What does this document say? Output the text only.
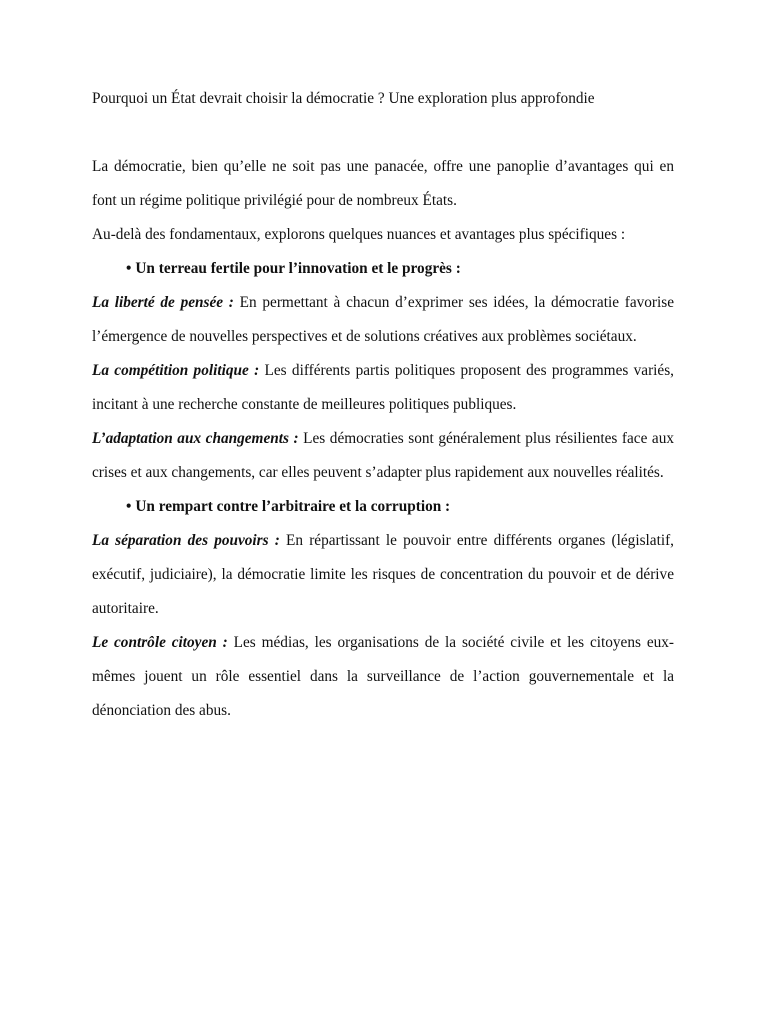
Pourquoi un État devrait choisir la démocratie ? Une exploration plus approfondie

La démocratie, bien qu’elle ne soit pas une panacée, offre une panoplie d’avantages qui en font un régime politique privilégié pour de nombreux États.

Au-delà des fondamentaux, explorons quelques nuances et avantages plus spécifiques :

• Un terreau fertile pour l’innovation et le progrès :

La liberté de pensée : En permettant à chacun d’exprimer ses idées, la démocratie favorise l’émergence de nouvelles perspectives et de solutions créatives aux problèmes sociétaux.

La compétition politique : Les différents partis politiques proposent des programmes variés, incitant à une recherche constante de meilleures politiques publiques.

L’adaptation aux changements : Les démocraties sont généralement plus résilientes face aux crises et aux changements, car elles peuvent s’adapter plus rapidement aux nouvelles réalités.

• Un rempart contre l’arbitraire et la corruption :

La séparation des pouvoirs : En répartissant le pouvoir entre différents organes (législatif, exécutif, judiciaire), la démocratie limite les risques de concentration du pouvoir et de dérive autoritaire.

Le contrôle citoyen : Les médias, les organisations de la société civile et les citoyens eux-mêmes jouent un rôle essentiel dans la surveillance de l’action gouvernementale et la dénonciation des abus.
